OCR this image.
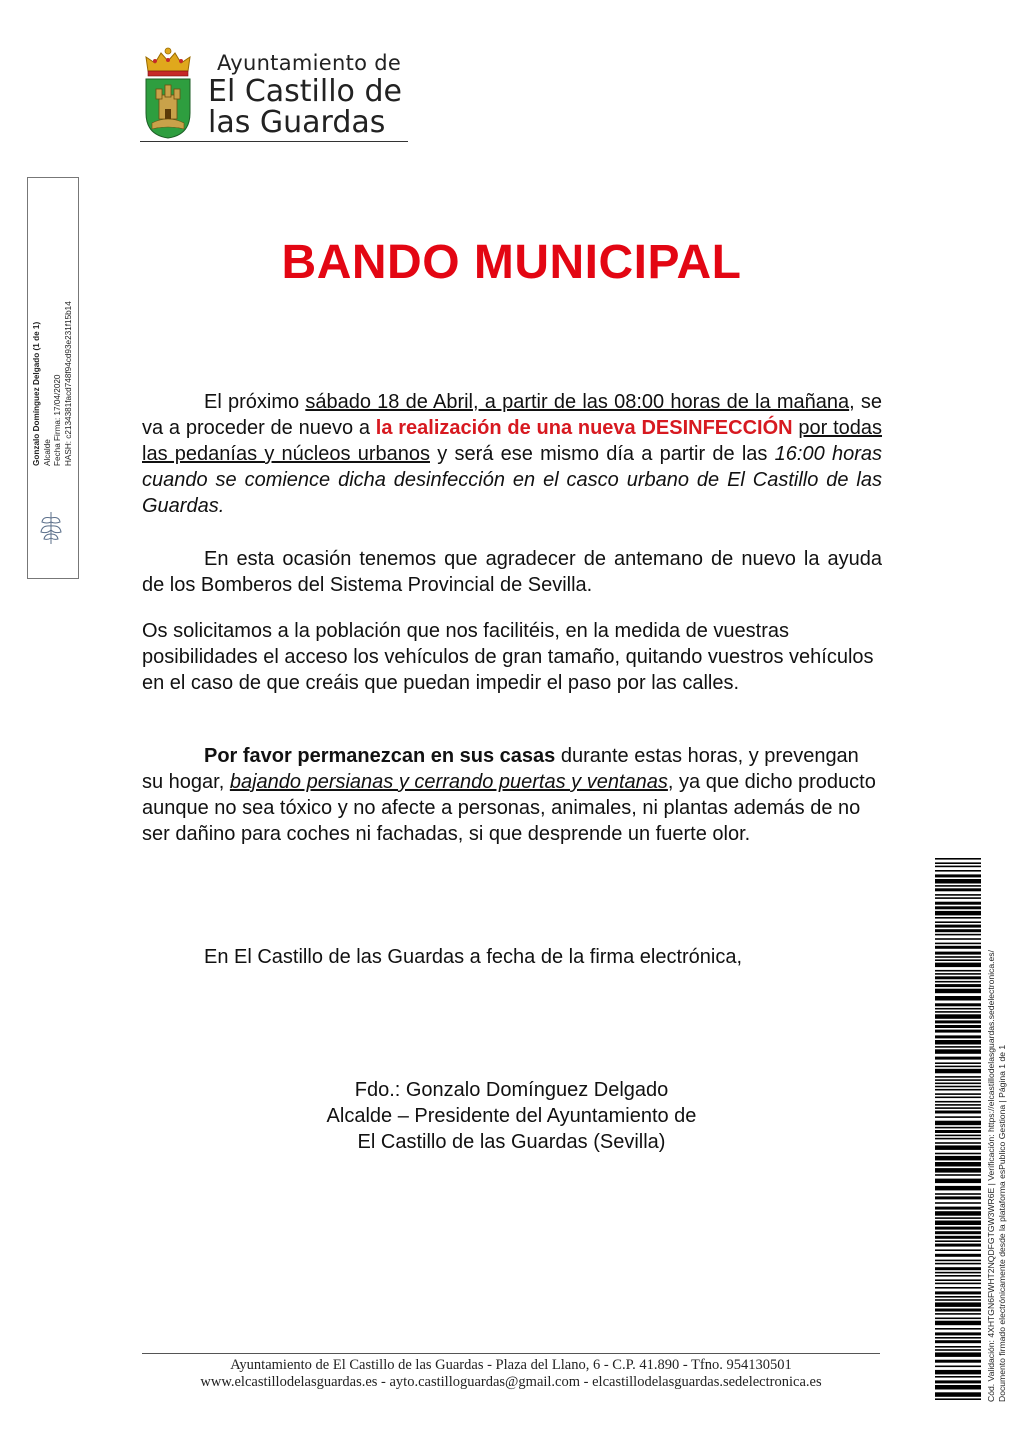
Ayuntamiento de
El Castillo de
las Guardas
Gonzalo Domínguez Delgado (1 de 1) Alcalde Fecha Firma: 17/04/2020 HASH: c2134381facd748f94cd93e231f15b14
BANDO MUNICIPAL
El próximo sábado 18 de Abril, a partir de las 08:00 horas de la mañana, se va a proceder de nuevo a la realización de una nueva DESINFECCIÓN por todas las pedanías y núcleos urbanos y será ese mismo día a partir de las 16:00 horas cuando se comience dicha desinfección en el casco urbano de El Castillo de las Guardas.
En esta ocasión tenemos que agradecer de antemano de nuevo la ayuda de los Bomberos del Sistema Provincial de Sevilla.
Os solicitamos a la población que nos facilitéis, en la medida de vuestras posibilidades el acceso los vehículos de gran tamaño, quitando vuestros vehículos en el caso de que creáis que puedan impedir el paso por las calles.
Por favor permanezcan en sus casas durante estas horas, y prevengan su hogar, bajando persianas y cerrando puertas y ventanas, ya que dicho producto aunque no sea tóxico y no afecte a personas, animales, ni plantas además de no ser dañino para coches ni fachadas, si que desprende un fuerte olor.
En El Castillo de las Guardas a fecha de la firma electrónica,
Fdo.: Gonzalo Domínguez Delgado
Alcalde – Presidente del Ayuntamiento de
El Castillo de las Guardas (Sevilla)
Ayuntamiento de El Castillo de las Guardas - Plaza del Llano, 6 - C.P. 41.890 - Tfno. 954130501
www.elcastillodelasguardas.es - ayto.castilloguardas@gmail.com - elcastillodelasguardas.sedelectronica.es	Cód. Validación: 4XHTGN6FWHT2NQDFGTGW3WR6E | Verificación: https://elcastillodelasguardas.sedelectronica.es/ Documento firmado electrónicamente desde la plataforma esPublico Gestiona | Página 1 de 1
